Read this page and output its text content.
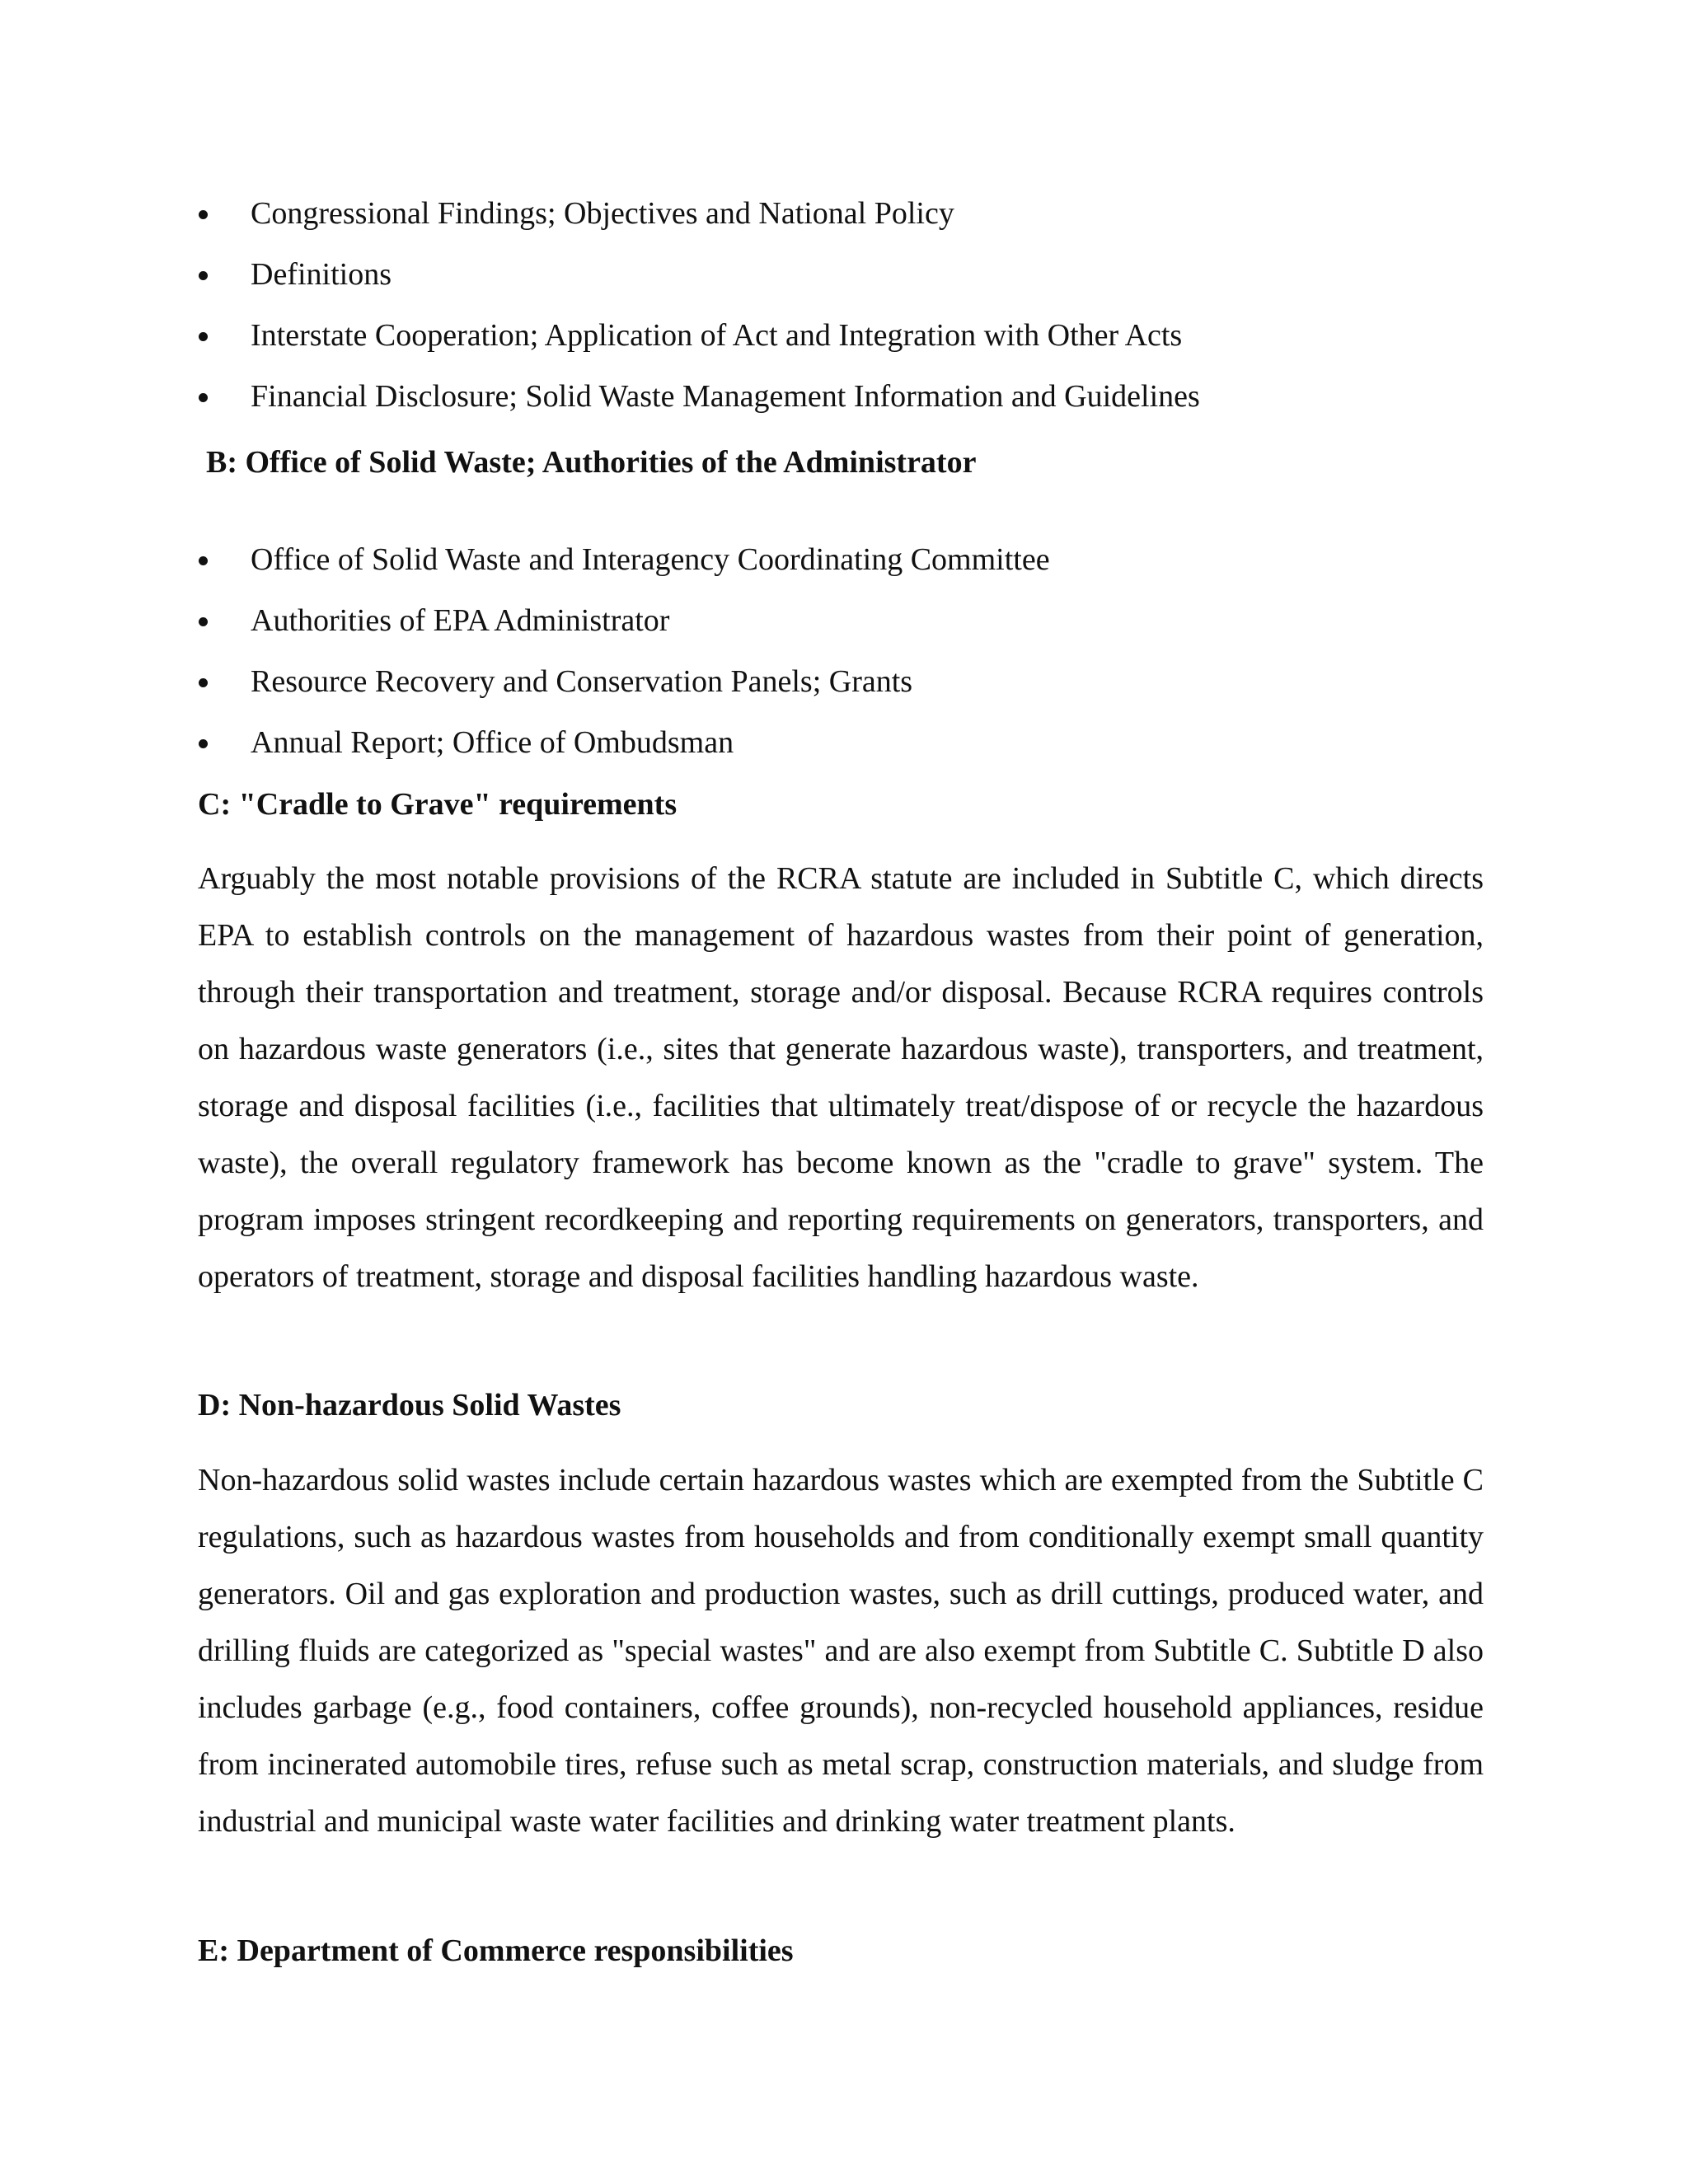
Congressional Findings; Objectives and National Policy
Definitions
Interstate Cooperation; Application of Act and Integration with Other Acts
Financial Disclosure; Solid Waste Management Information and Guidelines
B: Office of Solid Waste; Authorities of the Administrator
Office of Solid Waste and Interagency Coordinating Committee
Authorities of EPA Administrator
Resource Recovery and Conservation Panels; Grants
Annual Report; Office of Ombudsman
C: "Cradle to Grave" requirements

Arguably the most notable provisions of the RCRA statute are included in Subtitle C, which directs EPA to establish controls on the management of hazardous wastes from their point of generation, through their transportation and treatment, storage and/or disposal. Because RCRA requires controls on hazardous waste generators (i.e., sites that generate hazardous waste), transporters, and treatment, storage and disposal facilities (i.e., facilities that ultimately treat/dispose of or recycle the hazardous waste), the overall regulatory framework has become known as the "cradle to grave" system. The program imposes stringent recordkeeping and reporting requirements on generators, transporters, and operators of treatment, storage and disposal facilities handling hazardous waste.

D: Non-hazardous Solid Wastes

Non-hazardous solid wastes include certain hazardous wastes which are exempted from the Subtitle C regulations, such as hazardous wastes from households and from conditionally exempt small quantity generators. Oil and gas exploration and production wastes, such as drill cuttings, produced water, and drilling fluids are categorized as "special wastes" and are also exempt from Subtitle C. Subtitle D also includes garbage (e.g., food containers, coffee grounds), non-recycled household appliances, residue from incinerated automobile tires, refuse such as metal scrap, construction materials, and sludge from industrial and municipal waste water facilities and drinking water treatment plants.

E: Department of Commerce responsibilities
